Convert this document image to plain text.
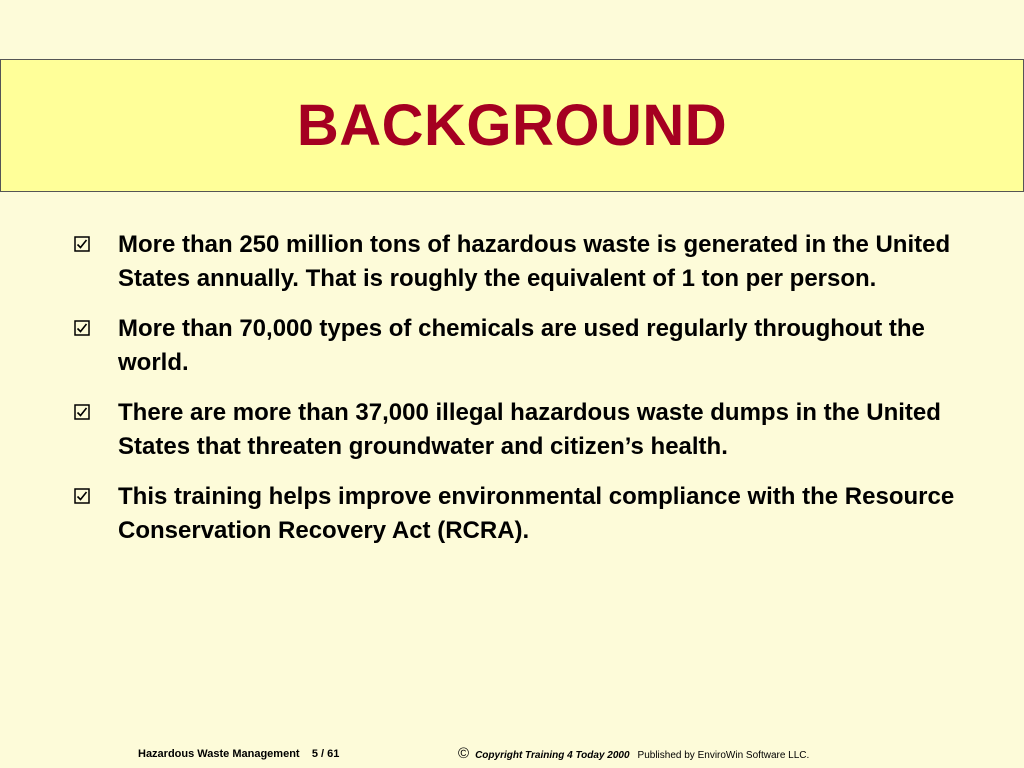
BACKGROUND
More than 250 million tons of hazardous waste is generated in the United States annually. That is roughly the equivalent of 1 ton per person.
More than 70,000 types of chemicals are used regularly throughout the world.
There are more than 37,000 illegal hazardous waste dumps in the United States that threaten groundwater and citizen’s health.
This training helps improve environmental compliance with the Resource Conservation Recovery Act (RCRA).
Hazardous Waste Management 5 / 61	© Copyright Training 4 Today 2000 Published by EnviroWin Software LLC.
